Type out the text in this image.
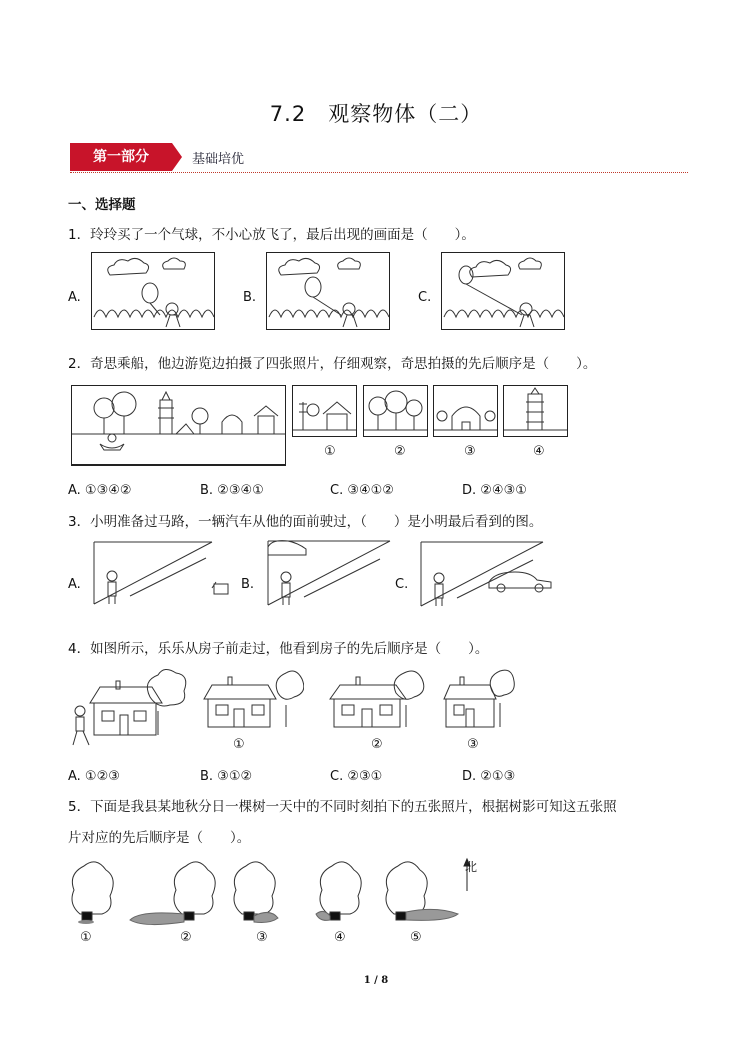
7.2　观察物体（二）
第一部分	基础培优
一、选择题
1．玲玲买了一个气球，不小心放飞了，最后出现的画面是（　　）。
A.	B.	C.
2．奇思乘船，他边游览边拍摄了四张照片，仔细观察，奇思拍摄的先后顺序是（　　）。
①	②	③	④
A. ①③④②	B. ②③④①	C. ③④①②	D. ②④③①
3．小明准备过马路，一辆汽车从他的面前驶过，（　　）是小明最后看到的图。
A.	B.	C.
4．如图所示，乐乐从房子前走过，他看到房子的先后顺序是（　　）。
①	②	③
A. ①②③	B. ③①②	C. ②③①	D. ②①③
5．下面是我县某地秋分日一棵树一天中的不同时刻拍下的五张照片，根据树影可知这五张照
片对应的先后顺序是（　　）。
北
①	②	③	④	⑤
1 / 8
